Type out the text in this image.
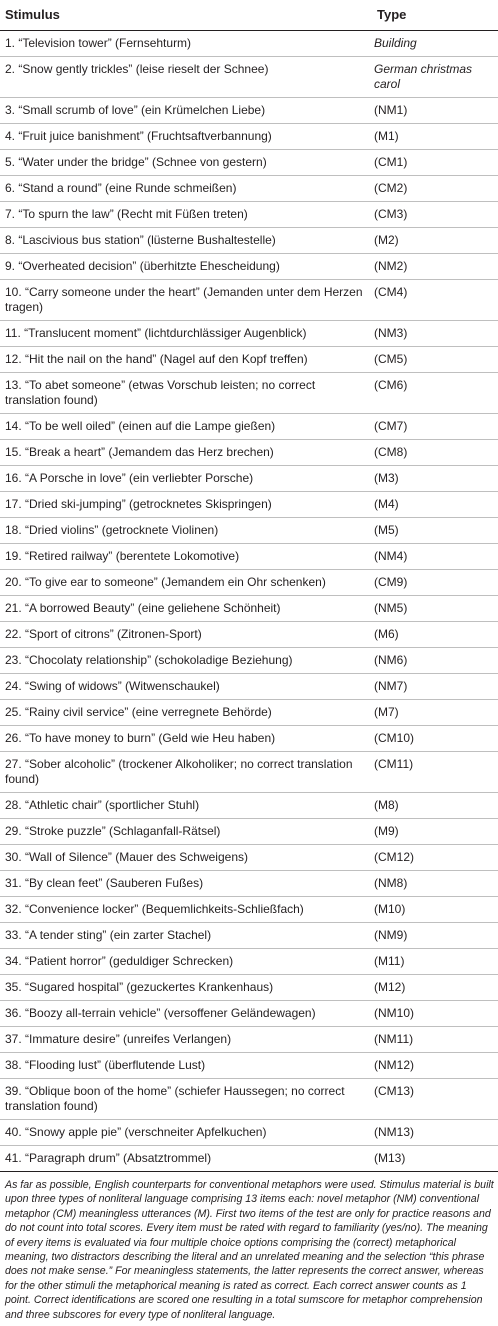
Stimulus	Type
1. “Television tower” (Fernsehturm)	Building
2. “Snow gently trickles” (leise rieselt der Schnee)	German christmas carol
3. “Small scrumb of love” (ein Krümelchen Liebe)	(NM1)
4. “Fruit juice banishment” (Fruchtsaftverbannung)	(M1)
5. “Water under the bridge” (Schnee von gestern)	(CM1)
6. “Stand a round” (eine Runde schmeißen)	(CM2)
7. “To spurn the law” (Recht mit Füßen treten)	(CM3)
8. “Lascivious bus station” (lüsterne Bushaltestelle)	(M2)
9. “Overheated decision” (überhitzte Ehescheidung)	(NM2)
10. “Carry someone under the heart” (Jemanden unter dem Herzen tragen)	(CM4)
11. “Translucent moment” (lichtdurchlässiger Augenblick)	(NM3)
12. “Hit the nail on the hand” (Nagel auf den Kopf treffen)	(CM5)
13. “To abet someone” (etwas Vorschub leisten; no correct translation found)	(CM6)
14. “To be well oiled” (einen auf die Lampe gießen)	(CM7)
15. “Break a heart” (Jemandem das Herz brechen)	(CM8)
16. “A Porsche in love” (ein verliebter Porsche)	(M3)
17. “Dried ski-jumping” (getrocknetes Skispringen)	(M4)
18. “Dried violins” (getrocknete Violinen)	(M5)
19. “Retired railway” (berentete Lokomotive)	(NM4)
20. “To give ear to someone” (Jemandem ein Ohr schenken)	(CM9)
21. “A borrowed Beauty” (eine geliehene Schönheit)	(NM5)
22. “Sport of citrons” (Zitronen-Sport)	(M6)
23. “Chocolaty relationship” (schokoladige Beziehung)	(NM6)
24. “Swing of widows” (Witwenschaukel)	(NM7)
25. “Rainy civil service” (eine verregnete Behörde)	(M7)
26. “To have money to burn” (Geld wie Heu haben)	(CM10)
27. “Sober alcoholic” (trockener Alkoholiker; no correct translation found)	(CM11)
28. “Athletic chair” (sportlicher Stuhl)	(M8)
29. “Stroke puzzle” (Schlaganfall-Rätsel)	(M9)
30. “Wall of Silence” (Mauer des Schweigens)	(CM12)
31. “By clean feet” (Sauberen Fußes)	(NM8)
32. “Convenience locker” (Bequemlichkeits-Schließfach)	(M10)
33. “A tender sting” (ein zarter Stachel)	(NM9)
34. “Patient horror” (geduldiger Schrecken)	(M11)
35. “Sugared hospital” (gezuckertes Krankenhaus)	(M12)
36. “Boozy all-terrain vehicle” (versoffener Geländewagen)	(NM10)
37. “Immature desire” (unreifes Verlangen)	(NM11)
38. “Flooding lust” (überflutende Lust)	(NM12)
39. “Oblique boon of the home” (schiefer Haussegen; no correct translation found)	(CM13)
40. “Snowy apple pie” (verschneiter Apfelkuchen)	(NM13)
41. “Paragraph drum” (Absatztrommel)	(M13)
As far as possible, English counterparts for conventional metaphors were used. Stimulus material is built upon three types of nonliteral language comprising 13 items each: novel metaphor (NM) conventional metaphor (CM) meaningless utterances (M). First two items of the test are only for practice reasons and do not count into total scores. Every item must be rated with regard to familiarity (yes/no). The meaning of every items is evaluated via four multiple choice options comprising the (correct) metaphorical meaning, two distractors describing the literal and an unrelated meaning and the selection “this phrase does not make sense.” For meaningless statements, the latter represents the correct answer, whereas for the other stimuli the metaphorical meaning is rated as correct. Each correct answer counts as 1 point. Correct identifications are scored one resulting in a total sumscore for metaphor comprehension and three subscores for every type of nonliteral language.
